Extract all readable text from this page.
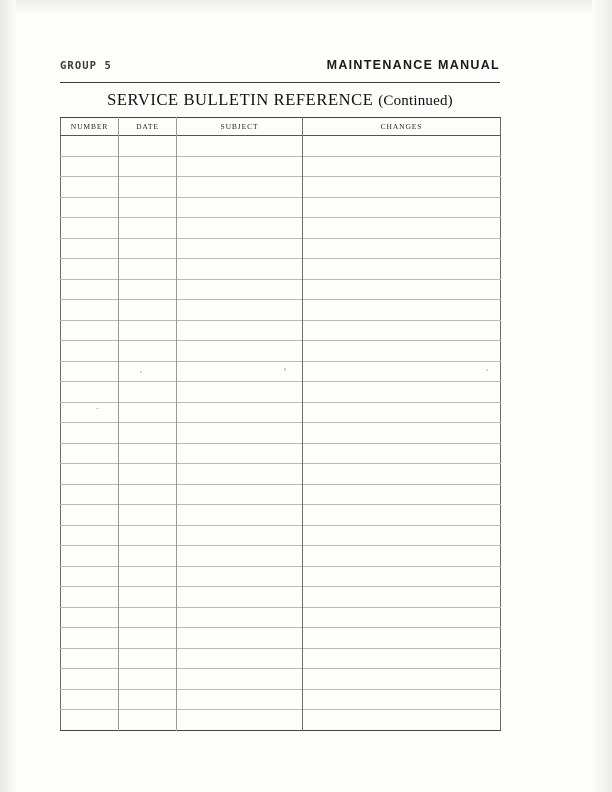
GROUP 5	MAINTENANCE MANUAL
SERVICE BULLETIN REFERENCE (Continued)
NUMBER	DATE	SUBJECT	CHANGES
